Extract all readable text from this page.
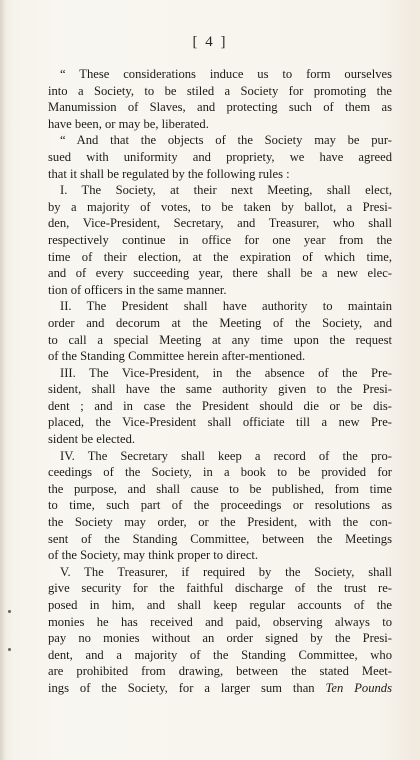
[ 4 ]
“ These considerations induce us to form ourselves
into a Society, to be stiled a Society for promoting the
Manumission of Slaves, and protecting such of them as
have been, or may be, liberated.
“ And that the objects of the Society may be pur-
sued with uniformity and propriety, we have agreed
that it shall be regulated by the following rules :
I. The Society, at their next Meeting, shall elect,
by a majority of votes, to be taken by ballot, a Presi-
den, Vice-President, Secretary, and Treasurer, who shall
respectively continue in office for one year from the
time of their election, at the expiration of which time,
and of every succeeding year, there shall be a new elec-
tion of officers in the same manner.
II. The President shall have authority to maintain
order and decorum at the Meeting of the Society, and
to call a special Meeting at any time upon the request
of the Standing Committee herein after-mentioned.
III. The Vice-President, in the absence of the Pre-
sident, shall have the same authority given to the Presi-
dent ; and in case the President should die or be dis-
placed, the Vice-President shall officiate till a new Pre-
sident be elected.
IV. The Secretary shall keep a record of the pro-
ceedings of the Society, in a book to be provided for
the purpose, and shall cause to be published, from time
to time, such part of the proceedings or resolutions as
the Society may order, or the President, with the con-
sent of the Standing Committee, between the Meetings
of the Society, may think proper to direct.
V. The Treasurer, if required by the Society, shall
give security for the faithful discharge of the trust re-
posed in him, and shall keep regular accounts of the
monies he has received and paid, observing always to
pay no monies without an order signed by the Presi-
dent, and a majority of the Standing Committee, who
are prohibited from drawing, between the stated Meet-
ings of the Society, for a larger sum than Ten Pounds
